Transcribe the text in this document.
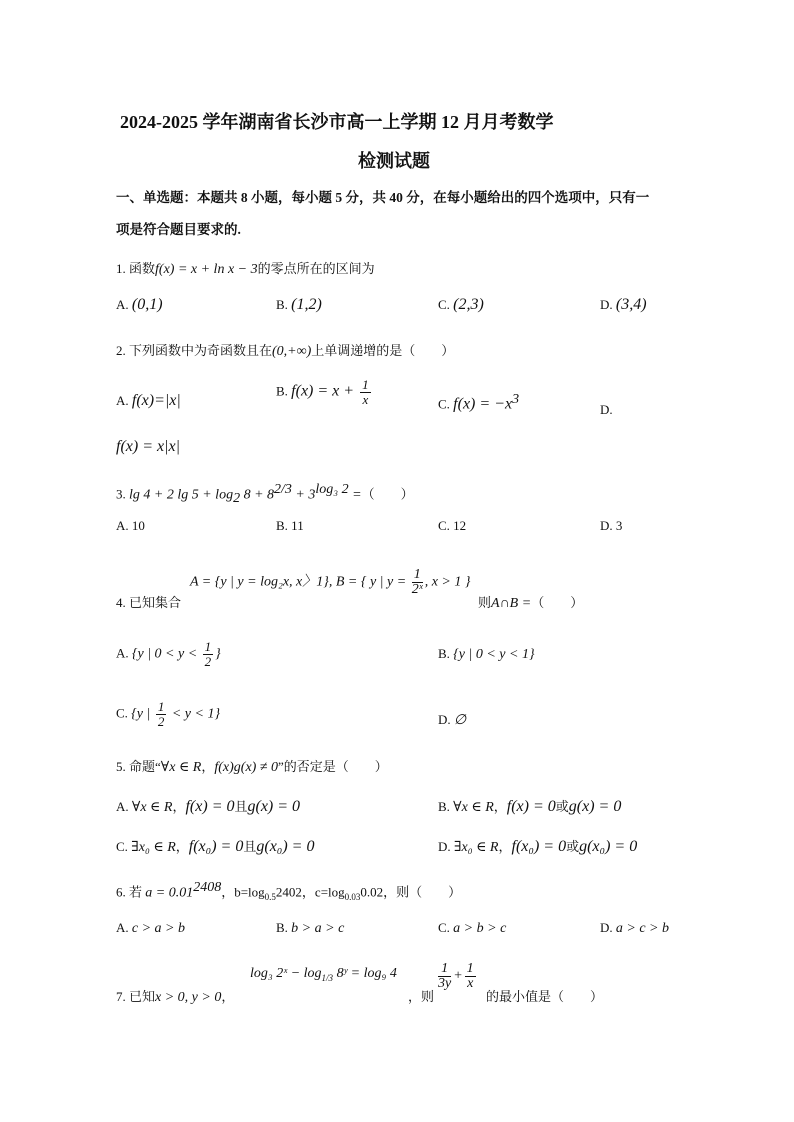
2024-2025 学年湖南省长沙市高一上学期 12 月月考数学
检测试题
一、单选题：本题共 8 小题，每小题 5 分，共 40 分，在每小题给出的四个选项中，只有一
项是符合题目要求的.
1. 函数f(x) = x + ln x − 3的零点所在的区间为
A. (0,1)	B. (1,2)	C. (2,3)	D. (3,4)
2. 下列函数中为奇函数且在(0,+∞)上单调递增的是（　　）
A. f(x)=|x|
B. $f(x) = x + \frac{1}{x}$	C. $f(x) = -x^3$
D.
f(x) = x|x|
3. lg 4 + 2 $\lg 5 + \log_2 8 + 8^{2/3} + 3^{log_3 2}$ =（　　）
A. 10	B. 11	C. 12	D. 3
4. 已知集合
A = {y | y = log₂x, x〉1}, B = { y | $y = \frac{1}{\text{2ˣ}}$ , x > 1 }
则A∩B =（　　）
A. {y | $0 < y < \frac{1}{2}$ }	B. {y | 0 < y < 1}
C. {y | $\frac{1}{2} < y < 1$}	D. ∅
5. 命题“∀x ∈ R，f(x)g(x) ≠ 0”的否定是（　　）
A. ∀x ∈ R，f(x) = 0且g(x) = 0	B. ∀x ∈ R，f(x) = 0或g(x) = 0
C. ∃x₀ ∈ R，f(x₀) = 0且g(x₀) = 0	D. ∃x₀ ∈ R，f(x₀) = 0或g(x₀) = 0
6. 若 $a = 0.01^{2408}$，$b=\log_{0.5}2402$，$c=\log_{0.03}0.02$，则（　　）
A. c > a > b	B. b > a > c	C. a > b > c	D. a > c > b
7. 已知x > 0, y > 0，
log₃ 2ˣ − $\log_{1/3}$ 8ʸ = log₉ 4
，则
$\frac{1}{3y} + \frac{1}{x}$
的最小值是（　　）
